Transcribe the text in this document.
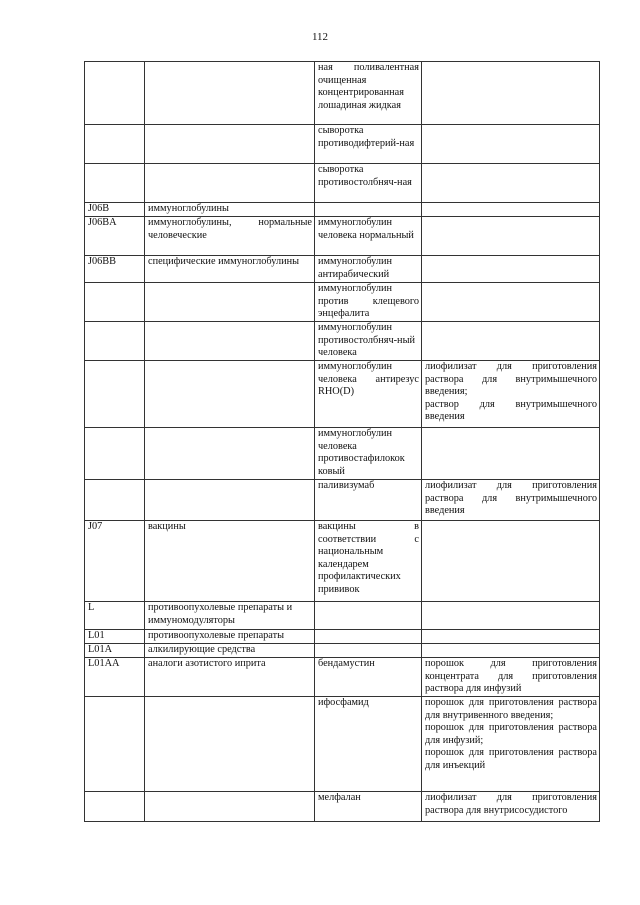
112
		ная поливалентная очищенная концентрированная лошадиная жидкая	
		сыворотка противодифтерий-ная	
		сыворотка противостолбняч-ная	
J06B	иммуноглобулины		
J06BA	иммуноглобулины, нормальные человеческие	иммуноглобулин человека нормальный	
J06BB	специфические иммуноглобулины	иммуноглобулин антирабический	
		иммуноглобулин против клещевого энцефалита	
		иммуноглобулин противостолбняч-ный человека	
		иммуноглобулин человека антирезус RHO(D)	лиофилизат для приготовления раствора для внутримышечного введения;
раствор для внутримышечного введения
		иммуноглобулин человека противостафилокок ковый	
		паливизумаб	лиофилизат для приготовления раствора для внутримышечного введения
J07	вакцины	вакцины в соответствии с национальным календарем профилактических прививок	
L	противоопухолевые препараты и иммуномодуляторы		
L01	противоопухолевые препараты		
L01A	алкилирующие средства		
L01AA	аналоги азотистого иприта	бендамустин	порошок для приготовления концентрата для приготовления раствора для инфузий
		ифосфамид	порошок для приготовления раствора для внутривенного введения;
порошок для приготовления раствора для инфузий;
порошок для приготовления раствора для инъекций
		мелфалан	лиофилизат для приготовления раствора для внутрисосудистого
